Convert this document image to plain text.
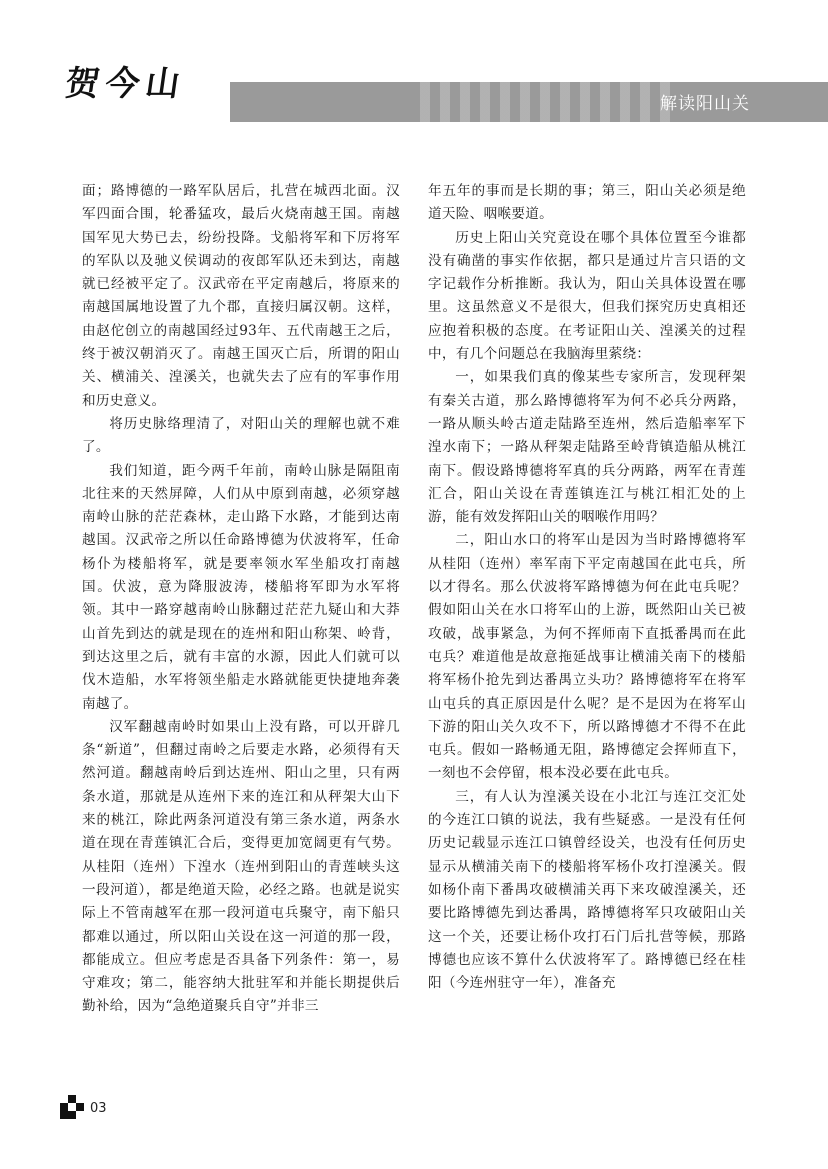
贺今山	解读阳山关

面；路博德的一路军队居后，扎营在城西北面。汉军四面合围，轮番猛攻，最后火烧南越王国。南越国军见大势已去，纷纷投降。戈船将军和下厉将军的军队以及驰义侯调动的夜郎军队还未到达，南越就已经被平定了。汉武帝在平定南越后，将原来的南越国属地设置了九个郡，直接归属汉朝。这样，由赵佗创立的南越国经过93年、五代南越王之后，终于被汉朝消灭了。南越王国灭亡后，所谓的阳山关、横浦关、湟溪关，也就失去了应有的军事作用和历史意义。

将历史脉络理清了，对阳山关的理解也就不难了。

我们知道，距今两千年前，南岭山脉是隔阻南北往来的天然屏障，人们从中原到南越，必须穿越南岭山脉的茫茫森林，走山路下水路，才能到达南越国。汉武帝之所以任命路博德为伏波将军，任命杨仆为楼船将军，就是要率领水军坐船攻打南越国。伏波，意为降服波涛，楼船将军即为水军将领。其中一路穿越南岭山脉翻过茫茫九疑山和大莽山首先到达的就是现在的连州和阳山称架、岭背，到达这里之后，就有丰富的水源，因此人们就可以伐木造船，水军将领坐船走水路就能更快捷地奔袭南越了。

汉军翻越南岭时如果山上没有路，可以开辟几条“新道”，但翻过南岭之后要走水路，必须得有天然河道。翻越南岭后到达连州、阳山之里，只有两条水道，那就是从连州下来的连江和从秤架大山下来的桃江，除此两条河道没有第三条水道，两条水道在现在青莲镇汇合后，变得更加宽阔更有气势。从桂阳（连州）下湟水（连州到阳山的青莲峡头这一段河道），都是绝道天险，必经之路。也就是说实际上不管南越军在那一段河道屯兵聚守，南下船只都难以通过，所以阳山关设在这一河道的那一段，都能成立。但应考虑是否具备下列条件：第一，易守难攻；第二，能容纳大批驻军和并能长期提供后勤补给，因为“急绝道聚兵自守”并非三

年五年的事而是长期的事；第三，阳山关必须是绝道天险、咽喉要道。

历史上阳山关究竟设在哪个具体位置至今谁都没有确凿的事实作依据，都只是通过片言只语的文字记载作分析推断。我认为，阳山关具体设置在哪里。这虽然意义不是很大，但我们探究历史真相还应抱着积极的态度。在考证阳山关、湟溪关的过程中，有几个问题总在我脑海里萦绕：

一，如果我们真的像某些专家所言，发现秤架有秦关古道，那么路博德将军为何不必兵分两路，一路从顺头岭古道走陆路至连州，然后造船率军下湟水南下；一路从秤架走陆路至岭背镇造船从桃江南下。假设路博德将军真的兵分两路，两军在青莲汇合，阳山关设在青莲镇连江与桃江相汇处的上游，能有效发挥阳山关的咽喉作用吗？

二，阳山水口的将军山是因为当时路博德将军从桂阳（连州）率军南下平定南越国在此屯兵，所以才得名。那么伏波将军路博德为何在此屯兵呢？假如阳山关在水口将军山的上游，既然阳山关已被攻破，战事紧急，为何不挥师南下直抵番禺而在此屯兵？难道他是故意拖延战事让横浦关南下的楼船将军杨仆抢先到达番禺立头功？路博德将军在将军山屯兵的真正原因是什么呢？是不是因为在将军山下游的阳山关久攻不下，所以路博德才不得不在此屯兵。假如一路畅通无阻，路博德定会挥师直下，一刻也不会停留，根本没必要在此屯兵。

三，有人认为湟溪关设在小北江与连江交汇处的今连江口镇的说法，我有些疑惑。一是没有任何历史记载显示连江口镇曾经设关，也没有任何历史显示从横浦关南下的楼船将军杨仆攻打湟溪关。假如杨仆南下番禺攻破横浦关再下来攻破湟溪关，还要比路博德先到达番禺，路博德将军只攻破阳山关这一个关，还要让杨仆攻打石门后扎营等候，那路博德也应该不算什么伏波将军了。路博德已经在桂阳（今连州驻守一年），准备充

03
